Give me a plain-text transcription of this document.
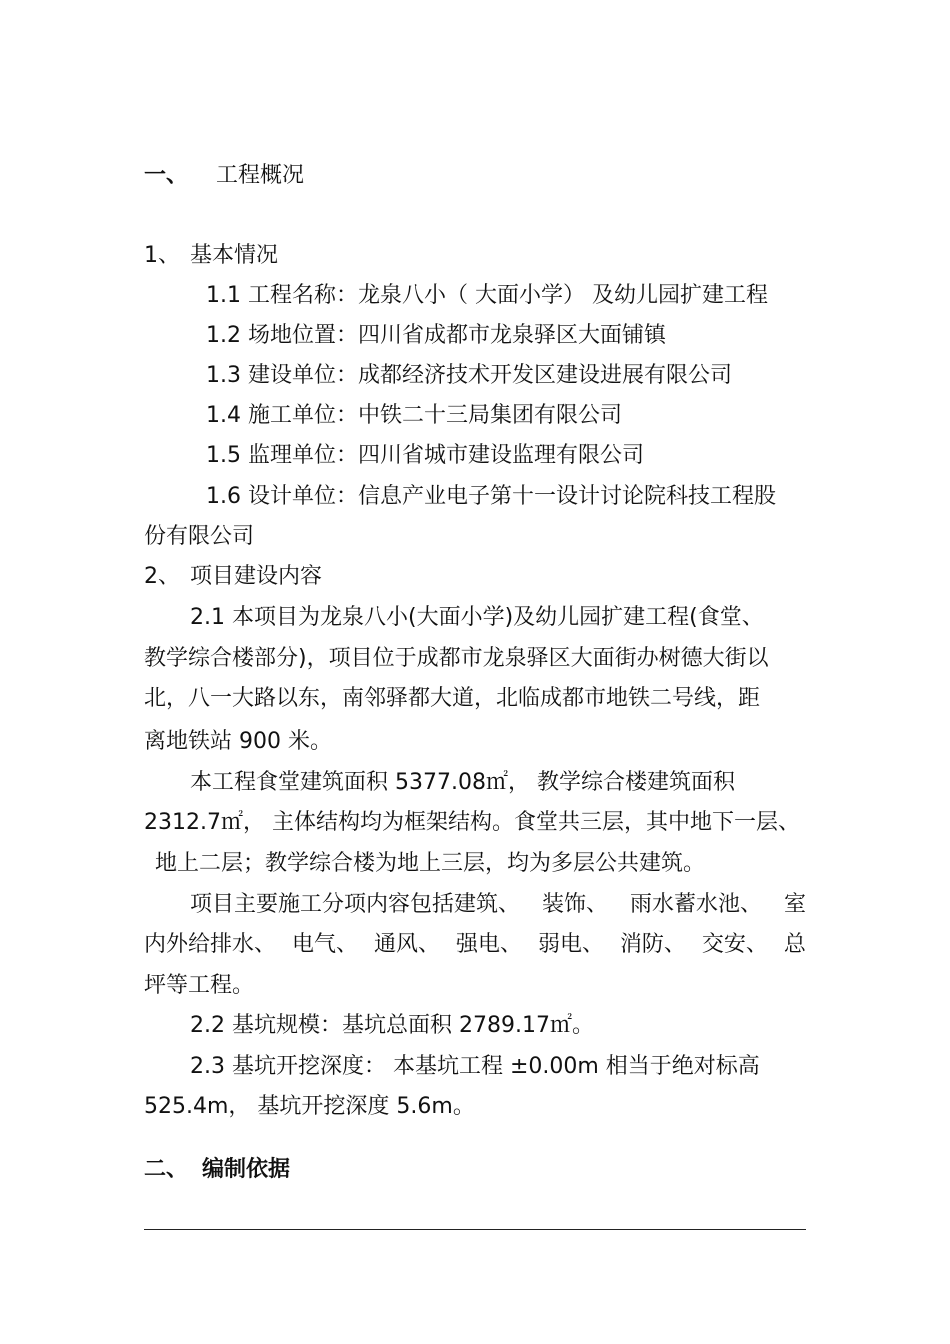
一、 工程概况
1、 基本情况
1.1 工程名称：龙泉八小（ 大面小学） 及幼儿园扩建工程
1.2 场地位置：四川省成都市龙泉驿区大面铺镇
1.3 建设单位：成都经济技术开发区建设进展有限公司
1.4 施工单位：中铁二十三局集团有限公司
1.5 监理单位：四川省城市建设监理有限公司
1.6 设计单位：信息产业电子第十一设计讨论院科技工程股
份有限公司
2、 项目建设内容
2.1 本项目为龙泉八小(大面小学)及幼儿园扩建工程(食堂、
教学综合楼部分)，项目位于成都市龙泉驿区大面街办树德大街以
北，八一大路以东，南邻驿都大道，北临成都市地铁二号线，距
离地铁站 900 米。
本工程食堂建筑面积 5377.08㎡， 教学综合楼建筑面积
2312.7㎡， 主体结构均为框架结构。食堂共三层，其中地下一层、
地上二层；教学综合楼为地上三层，均为多层公共建筑。
项目主要施工分项内容包括建筑、 装饰、 雨水蓄水池、 室
内外给排水、 电气、 通风、 强电、 弱电、 消防、 交安、 总
坪等工程。
2.2 基坑规模：基坑总面积 2789.17㎡。
2.3 基坑开挖深度： 本基坑工程 ±0.00m 相当于绝对标高
525.4m， 基坑开挖深度 5.6m。
二、 编制依据
